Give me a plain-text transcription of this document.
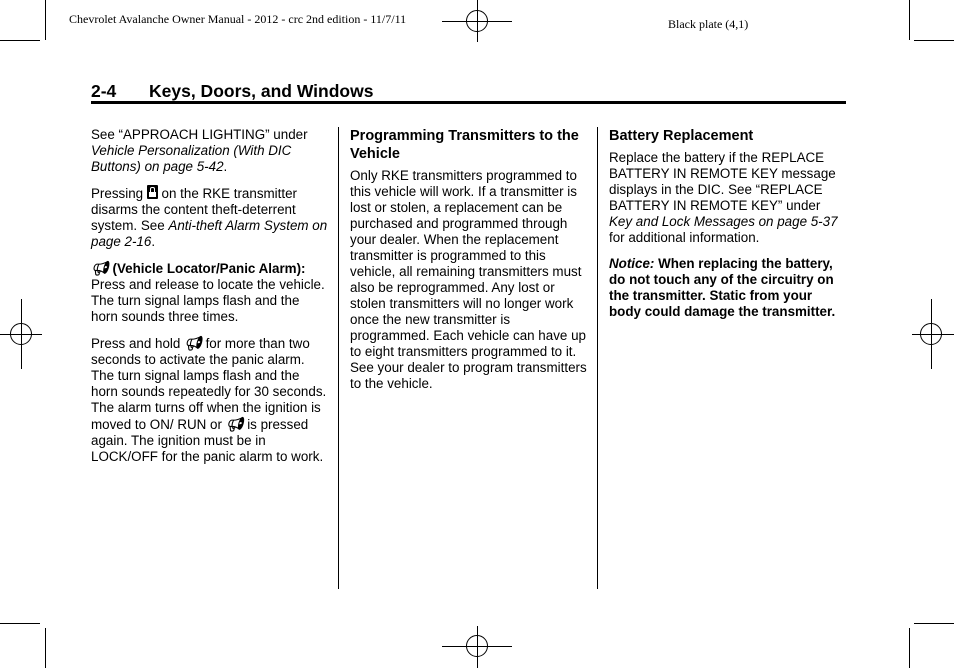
Chevrolet Avalanche Owner Manual - 2012 - crc 2nd edition - 11/7/11	Black plate (4,1)
2-4 Keys, Doors, and Windows

See “APPROACH LIGHTING” under Vehicle Personalization (With DIC Buttons) on page 5-42.

Pressing  on the RKE transmitter disarms the content theft-deterrent system. See Anti-theft Alarm System on page 2-16.

📢︎ (Vehicle Locator/Panic Alarm): Press and release to locate the vehicle. The turn signal lamps flash and the horn sounds three times.

Press and hold 📢︎ for more than two seconds to activate the panic alarm. The turn signal lamps flash and the horn sounds repeatedly for 30 seconds. The alarm turns off when the ignition is moved to ON/ RUN or 📢︎ is pressed again. The ignition must be in LOCK/OFF for the panic alarm to work.

Programming Transmitters to the Vehicle

Only RKE transmitters programmed to this vehicle will work. If a transmitter is lost or stolen, a replacement can be purchased and programmed through your dealer. When the replacement transmitter is programmed to this vehicle, all remaining transmitters must also be reprogrammed. Any lost or stolen transmitters will no longer work once the new transmitter is programmed. Each vehicle can have up to eight transmitters programmed to it. See your dealer to program transmitters to the vehicle.

Battery Replacement

Replace the battery if the REPLACE BATTERY IN REMOTE KEY message displays in the DIC. See “REPLACE BATTERY IN REMOTE KEY” under Key and Lock Messages on page 5-37 for additional information.

Notice: When replacing the battery, do not touch any of the circuitry on the transmitter. Static from your body could damage the transmitter.
